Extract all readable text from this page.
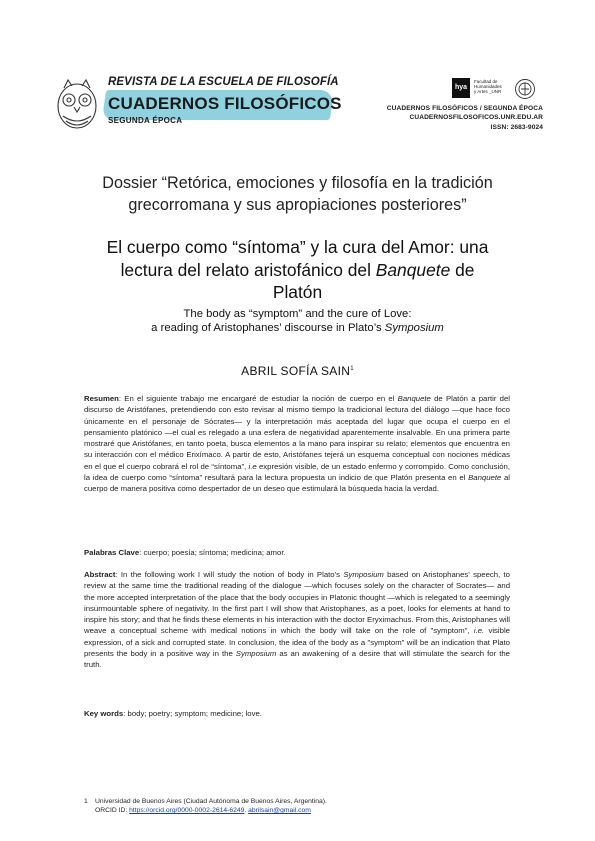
REVISTA DE LA ESCUELA DE FILOSOFÍA
CUADERNOS FILOSÓFICOS
SEGUNDA ÉPOCA
hya
Facultad de
Humanidades
y Artes _UNR
CUADERNOS FILOSÓFICOS / SEGUNDA ÉPOCA
CUADERNOSFILOSOFICOS.UNR.EDU.AR
ISSN: 2683-9024
Dossier “Retórica, emociones y filosofía en la tradición
grecorromana y sus apropiaciones posteriores”
El cuerpo como “síntoma” y la cura del Amor: una
lectura del relato aristofánico del Banquete de
Platón
The body as “symptom” and the cure of Love:
a reading of Aristophanes’ discourse in Plato’s Symposium
ABRIL SOFÍA SAIN$^1$
Resumen: En el siguiente trabajo me encargaré de estudiar la noción de cuerpo en el Banquete de Platón a partir del discurso de Aristófanes, pretendiendo con esto revisar al mismo tiempo la tradicional lectura del diálogo —que hace foco únicamente en el personaje de Sócrates— y la interpretación más aceptada del lugar que ocupa el cuerpo en el pensamiento platónico —el cual es relegado a una esfera de negatividad aparentemente insalvable. En una primera parte mostraré que Aristófanes, en tanto poeta, busca elementos a la mano para inspirar su relato; elementos que encuentra en su interacción con el médico Erixímaco. A partir de esto, Aristófanes tejerá un esquema conceptual con nociones médicas en el que el cuerpo cobrará el rol de “síntoma”, i.e expresión visible, de un estado enfermo y corrompido. Como conclusión, la idea de cuerpo como “síntoma” resultará para la lectura propuesta un indicio de que Platón presenta en el Banquete al cuerpo de manera positiva como despertador de un deseo que estimulará la búsqueda hacia la verdad.
Palabras Clave: cuerpo; poesía; síntoma; medicina; amor.
Abstract: In the following work I will study the notion of body in Plato’s Symposium based on Aristophanes' speech, to review at the same time the traditional reading of the dialogue —which focuses solely on the character of Socrates— and the more accepted interpretation of the place that the body occupies in Platonic thought —which is relegated to a seemingly insurmountable sphere of negativity. In the first part I will show that Aristophanes, as a poet, looks for elements at hand to inspire his story; and that he finds these elements in his interaction with the doctor Eryximachus. From this, Aristophanes will weave a conceptual scheme with medical notions in which the body will take on the role of "symptom", i.e. visible expression, of a sick and corrupted state. In conclusion, the idea of the body as a "symptom" will be an indication that Plato presents the body in a positive way in the Symposium as an awakening of a desire that will stimulate the search for the truth.
Key words: body; poetry; symptom; medicine; love.
1 Universidad de Buenos Aires (Ciudad Autónoma de Buenos Aires, Argentina).
ORCID ID: https://orcid.org/0000-0002-2614-6249. abrilsain@gmail.com
